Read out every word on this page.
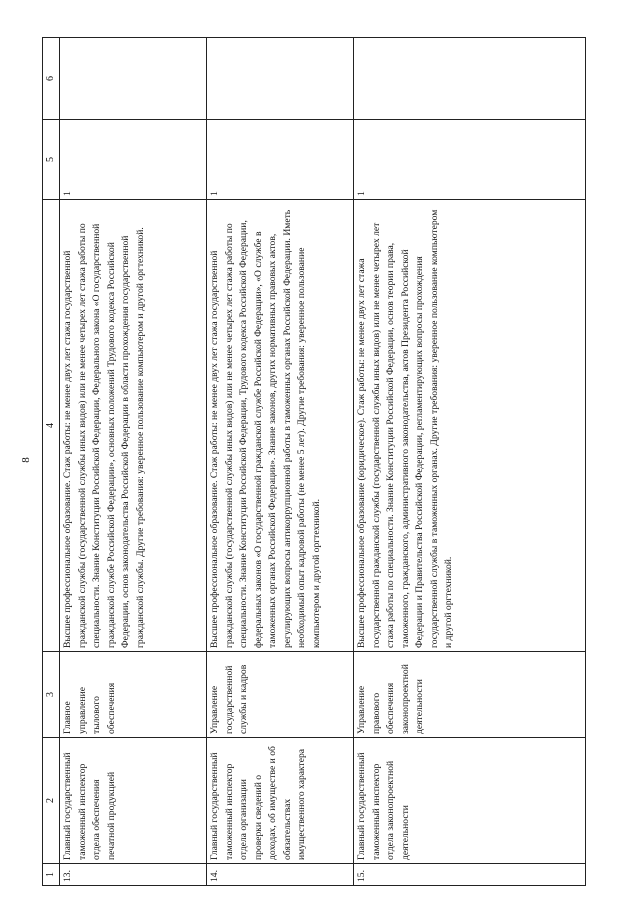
8
1	2	3	4	5	6
13.	Главный государственный таможенный инспектор отдела обеспечения печатной продукцией	Главное управление тылового обеспечения	Высшее профессиональное образование. Стаж работы: не менее двух лет стажа государственной гражданской службы (государственной службы иных видов) или не менее четырех лет стажа работы по специальности. Знание Конституции Российской Федерации, Федерального закона «О государственной гражданской службе Российской Федерации», основных положений Трудового кодекса Российской Федерации, основ законодательства Российской Федерации в области прохождения государственной гражданской службы. Другие требования: уверенное пользование компьютером и другой оргтехникой.	1	
14.	Главный государственный таможенный инспектор отдела организации проверки сведений о доходах, об имуществе и об обязательствах имущественного характера	Управление государственной службы и кадров	Высшее профессиональное образование. Стаж работы: не менее двух лет стажа государственной гражданской службы (государственной службы иных видов) или не менее четырех лет стажа работы по специальности. Знание Конституции Российской Федерации, Трудового кодекса Российской Федерации, федеральных законов «О государственной гражданской службе Российской Федерации», «О службе в таможенных органах Российской Федерации». Знание законов, других нормативных правовых актов, регулирующих вопросы антикоррупционной работы в таможенных органах Российской Федерации. Иметь необходимый опыт кадровой работы (не менее 5 лет). Другие требования: уверенное пользование компьютером и другой оргтехникой.	1	
15.	Главный государственный таможенный инспектор отдела законопроектной деятельности	Управление правового обеспечения законопроектной деятельности	Высшее профессиональное образование (юридическое). Стаж работы: не менее двух лет стажа государственной гражданской службы (государственной службы иных видов) или не менее четырех лет стажа работы по специальности. Знание Конституции Российской Федерации, основ теории права, таможенного, гражданского, административного законодательства, актов Президента Российской Федерации и Правительства Российской Федерации, регламентирующих вопросы прохождения государственной службы в таможенных органах. Другие требования: уверенное пользование компьютером и другой оргтехникой.	1	
